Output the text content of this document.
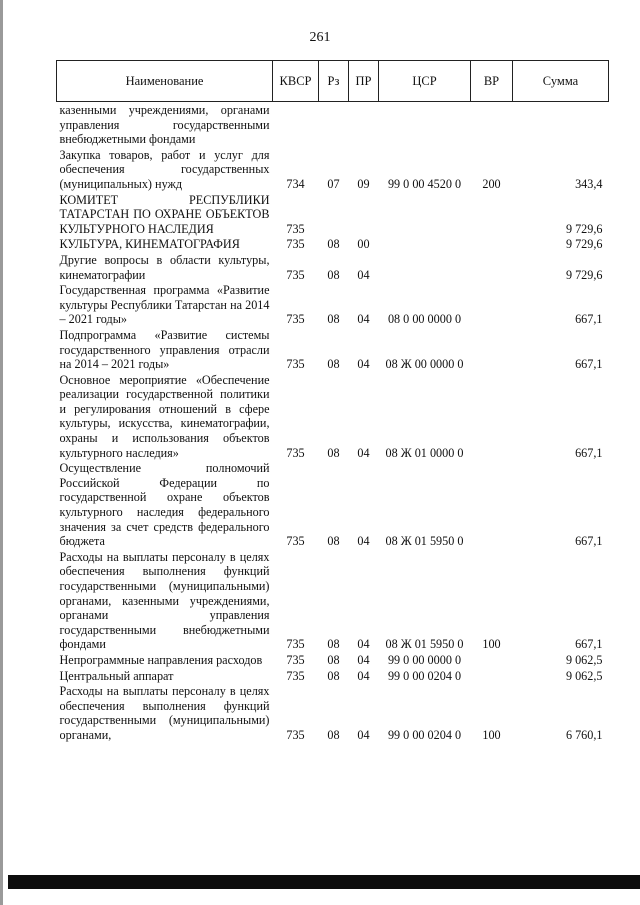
261
Наименование	КВСР	Рз	ПР	ЦСР	ВР	Сумма
казенными учреждениями, органами управления государственными внебюджетными фондами						
Закупка товаров, работ и услуг для обеспечения государственных (муниципальных) нужд	734	07	09	99 0 00 4520 0	200	343,4
КОМИТЕТ РЕСПУБЛИКИ ТАТАРСТАН ПО ОХРАНЕ ОБЪЕКТОВ КУЛЬТУРНОГО НАСЛЕДИЯ	735					9 729,6
КУЛЬТУРА, КИНЕМАТОГРАФИЯ	735	08	00			9 729,6
Другие вопросы в области культуры, кинематографии	735	08	04			9 729,6
Государственная программа «Развитие культуры Республики Татарстан на 2014 – 2021 годы»	735	08	04	08 0 00 0000 0		667,1
Подпрограмма «Развитие системы государственного управления отрасли на 2014 – 2021 годы»	735	08	04	08 Ж 00 0000 0		667,1
Основное мероприятие «Обеспечение реализации государственной политики и регулирования отношений в сфере культуры, искусства, кинематографии, охраны и использования объектов культурного наследия»	735	08	04	08 Ж 01 0000 0		667,1
Осуществление полномочий Российской Федерации по государственной охране объектов культурного наследия федерального значения за счет средств федерального бюджета	735	08	04	08 Ж 01 5950 0		667,1
Расходы на выплаты персоналу в целях обеспечения выполнения функций государственными (муниципальными) органами, казенными учреждениями, органами управления государственными внебюджетными фондами	735	08	04	08 Ж 01 5950 0	100	667,1
Непрограммные направления расходов	735	08	04	99 0 00 0000 0		9 062,5
Центральный аппарат	735	08	04	99 0 00 0204 0		9 062,5
Расходы на выплаты персоналу в целях обеспечения выполнения функций государственными (муниципальными) органами,	735	08	04	99 0 00 0204 0	100	6 760,1
